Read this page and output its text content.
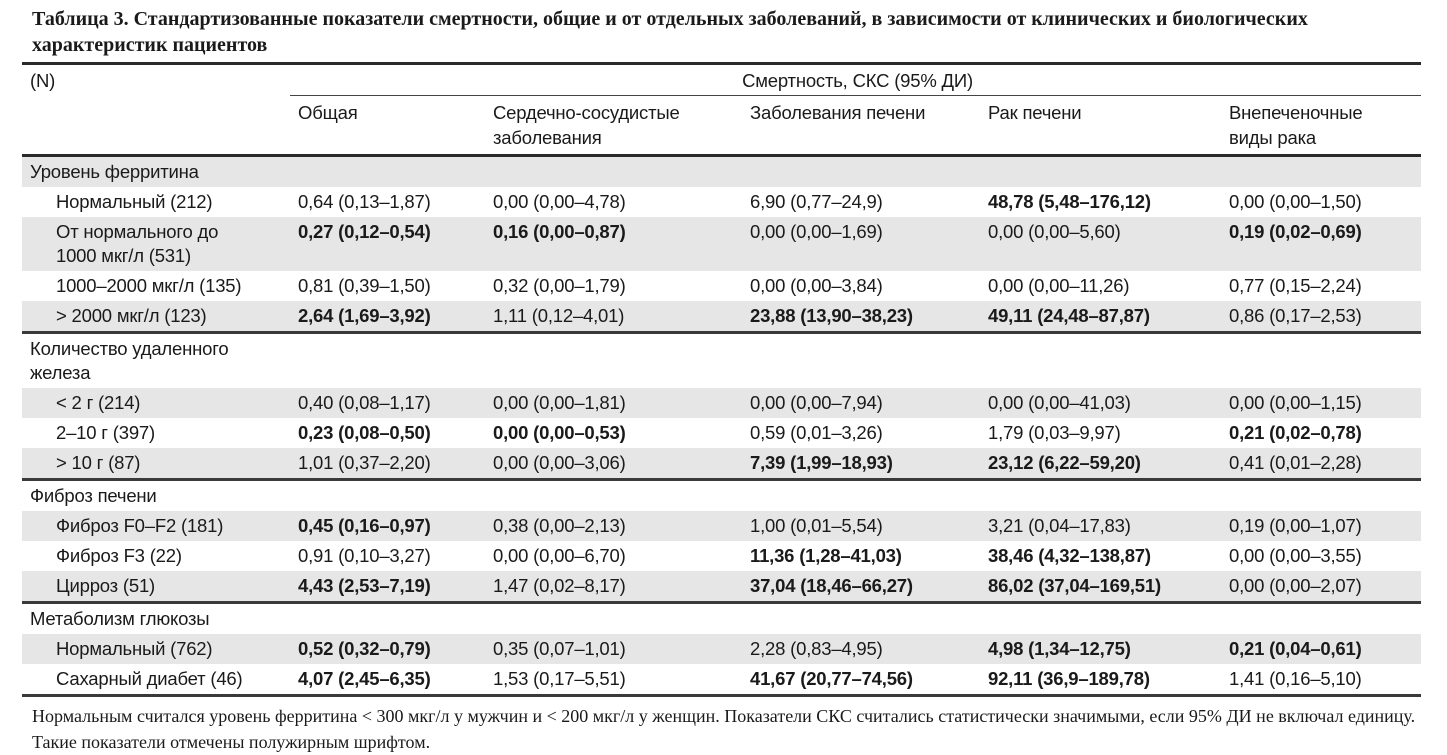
Таблица 3. Стандартизованные показатели смертности, общие и от отдельных заболеваний, в зависимости от клинических и биологических характеристик пациентов
(N)	Смертность, СКС (95% ДИ)				
	Общая	Сердечно-сосудистые заболевания	Заболевания печени	Рак печени	Внепеченочные виды рака

Уровень ферритина					

Нормальный (212)	0,64 (0,13–1,87)	0,00 (0,00–4,78)	6,90 (0,77–24,9)	48,78 (5,48–176,12)	0,00 (0,00–1,50)
От нормального до 1000 мкг/л (531)	0,27 (0,12–0,54)	0,16 (0,00–0,87)	0,00 (0,00–1,69)	0,00 (0,00–5,60)	0,19 (0,02–0,69)
1000–2000 мкг/л (135)	0,81 (0,39–1,50)	0,32 (0,00–1,79)	0,00 (0,00–3,84)	0,00 (0,00–11,26)	0,77 (0,15–2,24)
> 2000 мкг/л (123)	2,64 (1,69–3,92)	1,11 (0,12–4,01)	23,88 (13,90–38,23)	49,11 (24,48–87,87)	0,86 (0,17–2,53)

Количество удаленного железа					

< 2 г (214)	0,40 (0,08–1,17)	0,00 (0,00–1,81)	0,00 (0,00–7,94)	0,00 (0,00–41,03)	0,00 (0,00–1,15)
2–10 г (397)	0,23 (0,08–0,50)	0,00 (0,00–0,53)	0,59 (0,01–3,26)	1,79 (0,03–9,97)	0,21 (0,02–0,78)
> 10 г (87)	1,01 (0,37–2,20)	0,00 (0,00–3,06)	7,39 (1,99–18,93)	23,12 (6,22–59,20)	0,41 (0,01–2,28)

Фиброз печени					

Фиброз F0–F2 (181)	0,45 (0,16–0,97)	0,38 (0,00–2,13)	1,00 (0,01–5,54)	3,21 (0,04–17,83)	0,19 (0,00–1,07)
Фиброз F3 (22)	0,91 (0,10–3,27)	0,00 (0,00–6,70)	11,36 (1,28–41,03)	38,46 (4,32–138,87)	0,00 (0,00–3,55)
Цирроз (51)	4,43 (2,53–7,19)	1,47 (0,02–8,17)	37,04 (18,46–66,27)	86,02 (37,04–169,51)	0,00 (0,00–2,07)

Метаболизм глюкозы					

Нормальный (762)	0,52 (0,32–0,79)	0,35 (0,07–1,01)	2,28 (0,83–4,95)	4,98 (1,34–12,75)	0,21 (0,04–0,61)
Сахарный диабет (46)	4,07 (2,45–6,35)	1,53 (0,17–5,51)	41,67 (20,77–74,56)	92,11 (36,9–189,78)	1,41 (0,16–5,10)
Нормальным считался уровень ферритина < 300 мкг/л у мужчин и < 200 мкг/л у женщин. Показатели СКС считались статистически значимыми, если 95% ДИ не включал единицу. Такие показатели отмечены полужирным шрифтом.
